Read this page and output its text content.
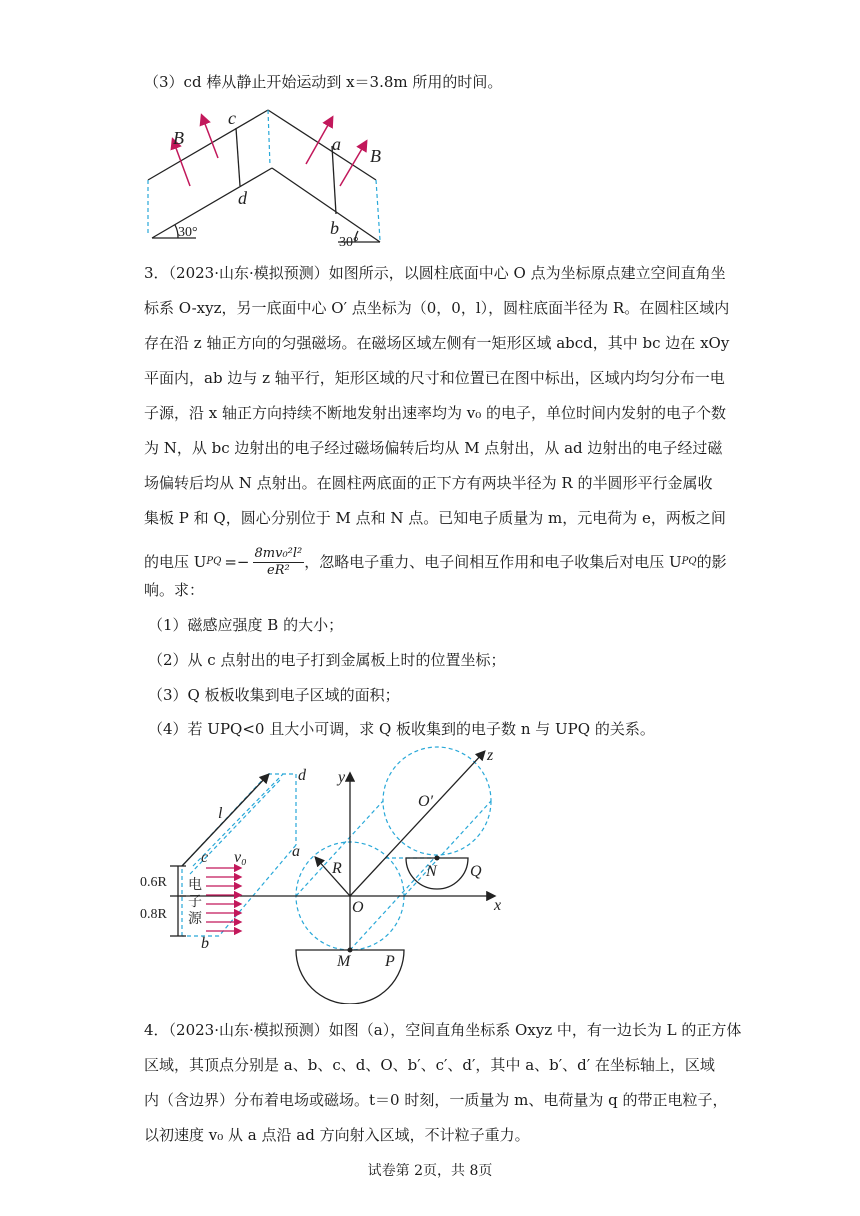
（3）cd 棒从静止开始运动到 x＝3.8m 所用的时间。
B
c
d
a
B
b
30°
30°
3．（2023·山东·模拟预测）如图所示，以圆柱底面中心 O 点为坐标原点建立空间直角坐
标系 O-xyz，另一底面中心 O′ 点坐标为（0，0，l），圆柱底面半径为 R。在圆柱区域内
存在沿 z 轴正方向的匀强磁场。在磁场区域左侧有一矩形区域 abcd，其中 bc 边在 xOy
平面内，ab 边与 z 轴平行，矩形区域的尺寸和位置已在图中标出，区域内均匀分布一电
子源，沿 x 轴正方向持续不断地发射出速率均为 v₀ 的电子，单位时间内发射的电子个数
为 N，从 bc 边射出的电子经过磁场偏转后均从 M 点射出，从 ad 边射出的电子经过磁
场偏转后均从 N 点射出。在圆柱两底面的正下方有两块半径为 R 的半圆形平行金属收
集板 P 和 Q，圆心分别位于 M 点和 N 点。已知电子质量为 m，元电荷为 e，两板之间
的电压 U PQ =− $\frac{\text{8mv₀²l²}}{\text{eR²}}$ ，忽略电子重力、电子间相互作用和电子收集后对电压 U PQ 的影
响。求：
（1）磁感应强度 B 的大小；
（2）从 c 点射出的电子打到金属板上时的位置坐标；
（3）Q 板板收集到电子区域的面积；
（4）若 UPQ<0 且大小可调，求 Q 板收集到的电子数 n 与 UPQ 的关系。
d
l
c v₀	a
b
y
z
x
O
O′
R	N Q
M P
0.6R
0.8R
电
子
源
4．（2023·山东·模拟预测）如图（a），空间直角坐标系 Oxyz 中，有一边长为 L 的正方体
区域，其顶点分别是 a、b、c、d、O、b′、c′、d′，其中 a、b′、d′ 在坐标轴上，区域
内（含边界）分布着电场或磁场。t＝0 时刻，一质量为 m、电荷量为 q 的带正电粒子，
以初速度 v₀ 从 a 点沿 ad 方向射入区域，不计粒子重力。
试卷第 2页，共 8页
